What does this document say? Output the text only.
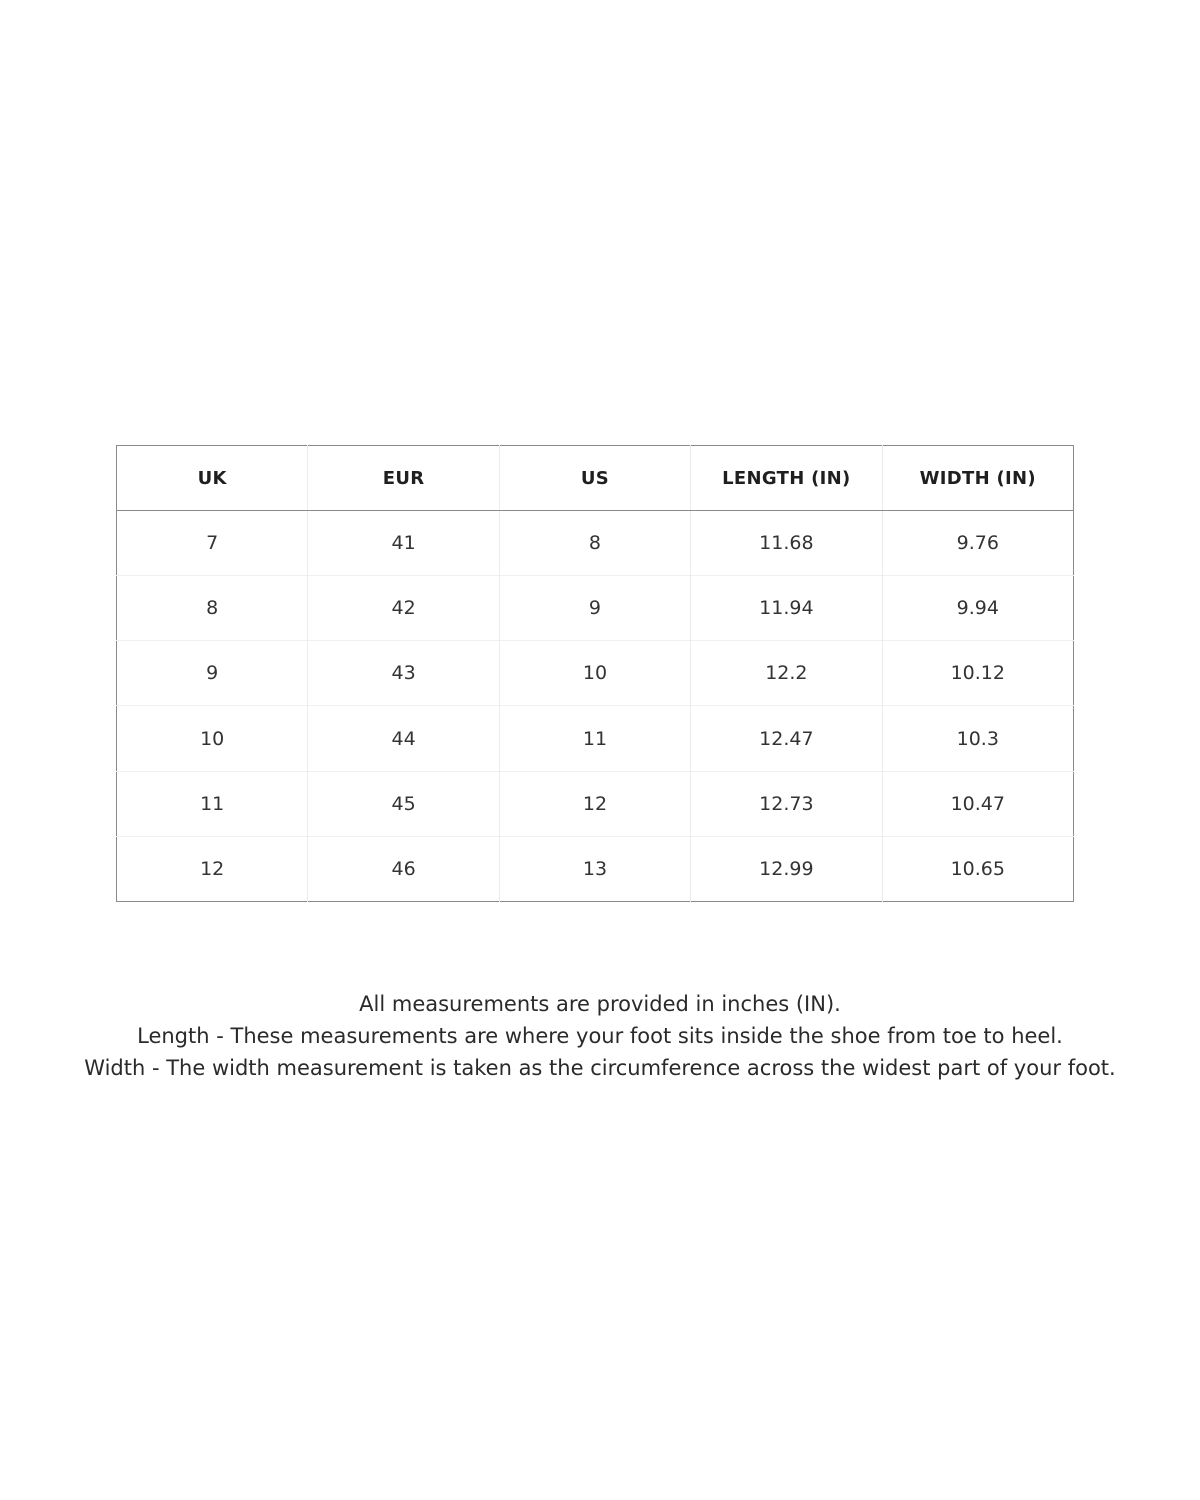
UK	EUR	US	LENGTH (IN)	WIDTH (IN)
7	41	8	11.68	9.76
8	42	9	11.94	9.94
9	43	10	12.2	10.12
10	44	11	12.47	10.3
11	45	12	12.73	10.47
12	46	13	12.99	10.65

All measurements are provided in inches (IN).

Length - These measurements are where your foot sits inside the shoe from toe to heel.

Width - The width measurement is taken as the circumference across the widest part of your foot.
